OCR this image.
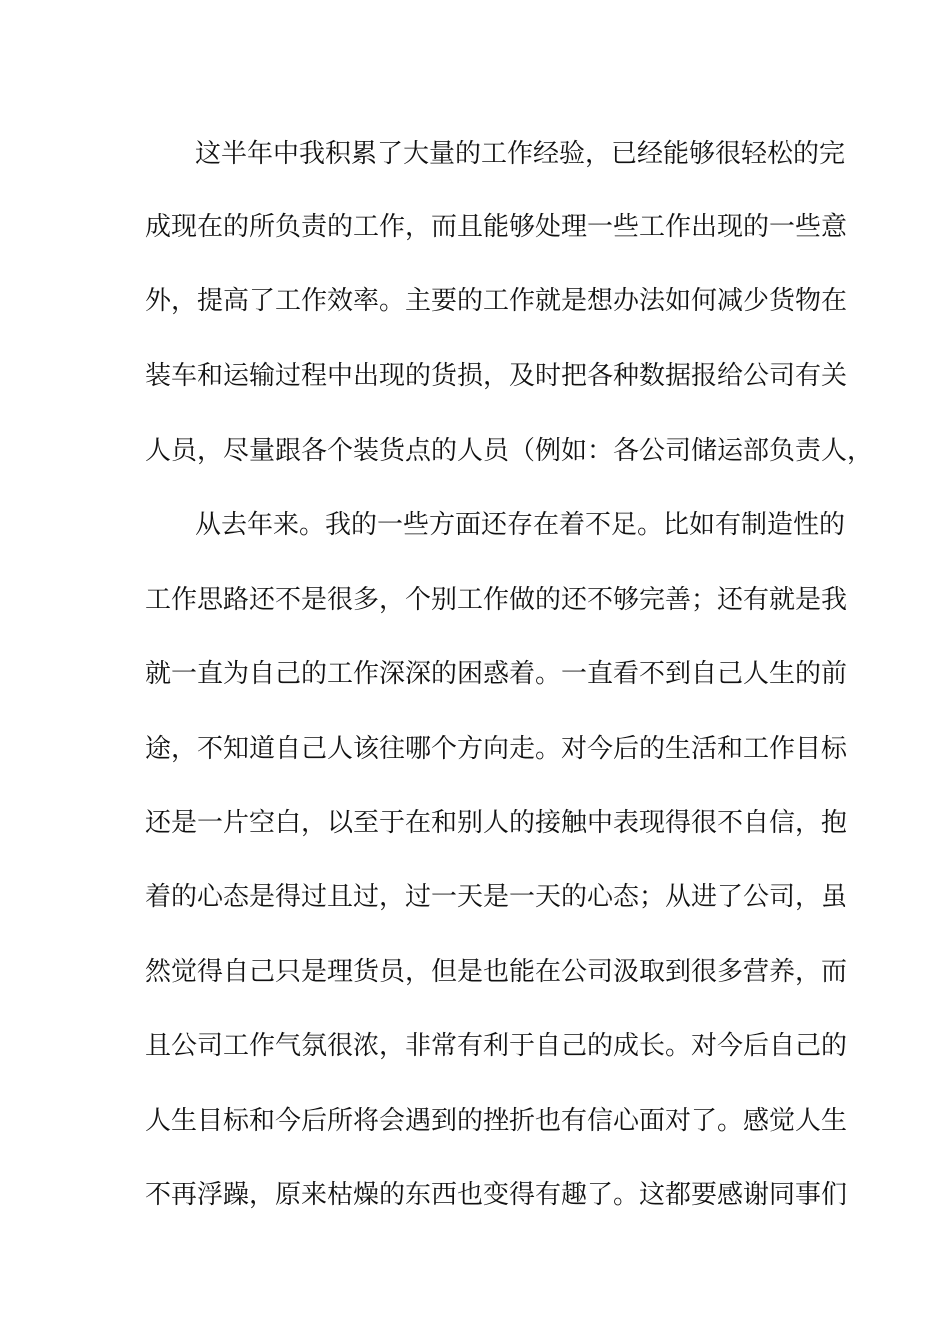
这半年中我积累了大量的工作经验，已经能够很轻松的完
成现在的所负责的工作，而且能够处理一些工作出现的一些意
外，提高了工作效率。主要的工作就是想办法如何减少货物在
装车和运输过程中出现的货损，及时把各种数据报给公司有关
人员，尽量跟各个装货点的人员（例如：各公司储运部负责人，
从去年来。我的一些方面还存在着不足。比如有制造性的
工作思路还不是很多，个别工作做的还不够完善；还有就是我
就一直为自己的工作深深的困惑着。一直看不到自己人生的前
途，不知道自己人该往哪个方向走。对今后的生活和工作目标
还是一片空白，以至于在和别人的接触中表现得很不自信，抱
着的心态是得过且过，过一天是一天的心态；从进了公司，虽
然觉得自己只是理货员，但是也能在公司汲取到很多营养，而
且公司工作气氛很浓，非常有利于自己的成长。对今后自己的
人生目标和今后所将会遇到的挫折也有信心面对了。感觉人生
不再浮躁，原来枯燥的东西也变得有趣了。这都要感谢同事们
